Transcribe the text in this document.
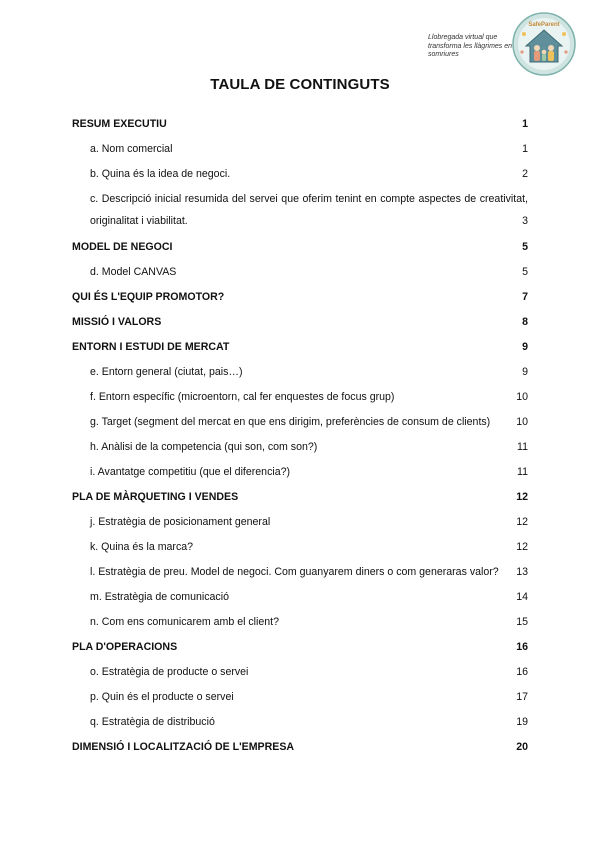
Llobregada virtual que transforma les llàgrimes en somriures
SafeParent
TAULA DE CONTINGUTS
RESUM EXECUTIU	1
a. Nom comercial	1
b. Quina és la idea de negoci.	2
c. Descripció inicial resumida del servei que oferim tenint en compte aspectes de creativitat, originalitat i viabilitat.	3
MODEL DE NEGOCI	5
d. Model CANVAS	5
QUI ÉS L'EQUIP PROMOTOR?	7
MISSIÓ I VALORS	8
ENTORN I ESTUDI DE MERCAT	9
e. Entorn general (ciutat, pais…)	9
f. Entorn específic (microentorn, cal fer enquestes de focus grup)	10
g. Target (segment del mercat en que ens dirigim, preferències de consum de clients) 10
h. Anàlisi de la competencia (qui son, com son?)	11
i. Avantatge competitiu (que el diferencia?)	11
PLA DE MÀRQUETING I VENDES	12
j. Estratègia de posicionament general	12
k. Quina és la marca?	12
l. Estratègia de preu. Model de negoci. Com guanyarem diners o com generaras valor? 13
m. Estratègia de comunicació	14
n. Com ens comunicarem amb el client?	15
PLA D'OPERACIONS	16
o. Estratègia de producte o servei	16
p. Quin és el producte o servei	17
q. Estratègia de distribució	19
DIMENSIÓ I LOCALITZACIÓ DE L'EMPRESA	20
